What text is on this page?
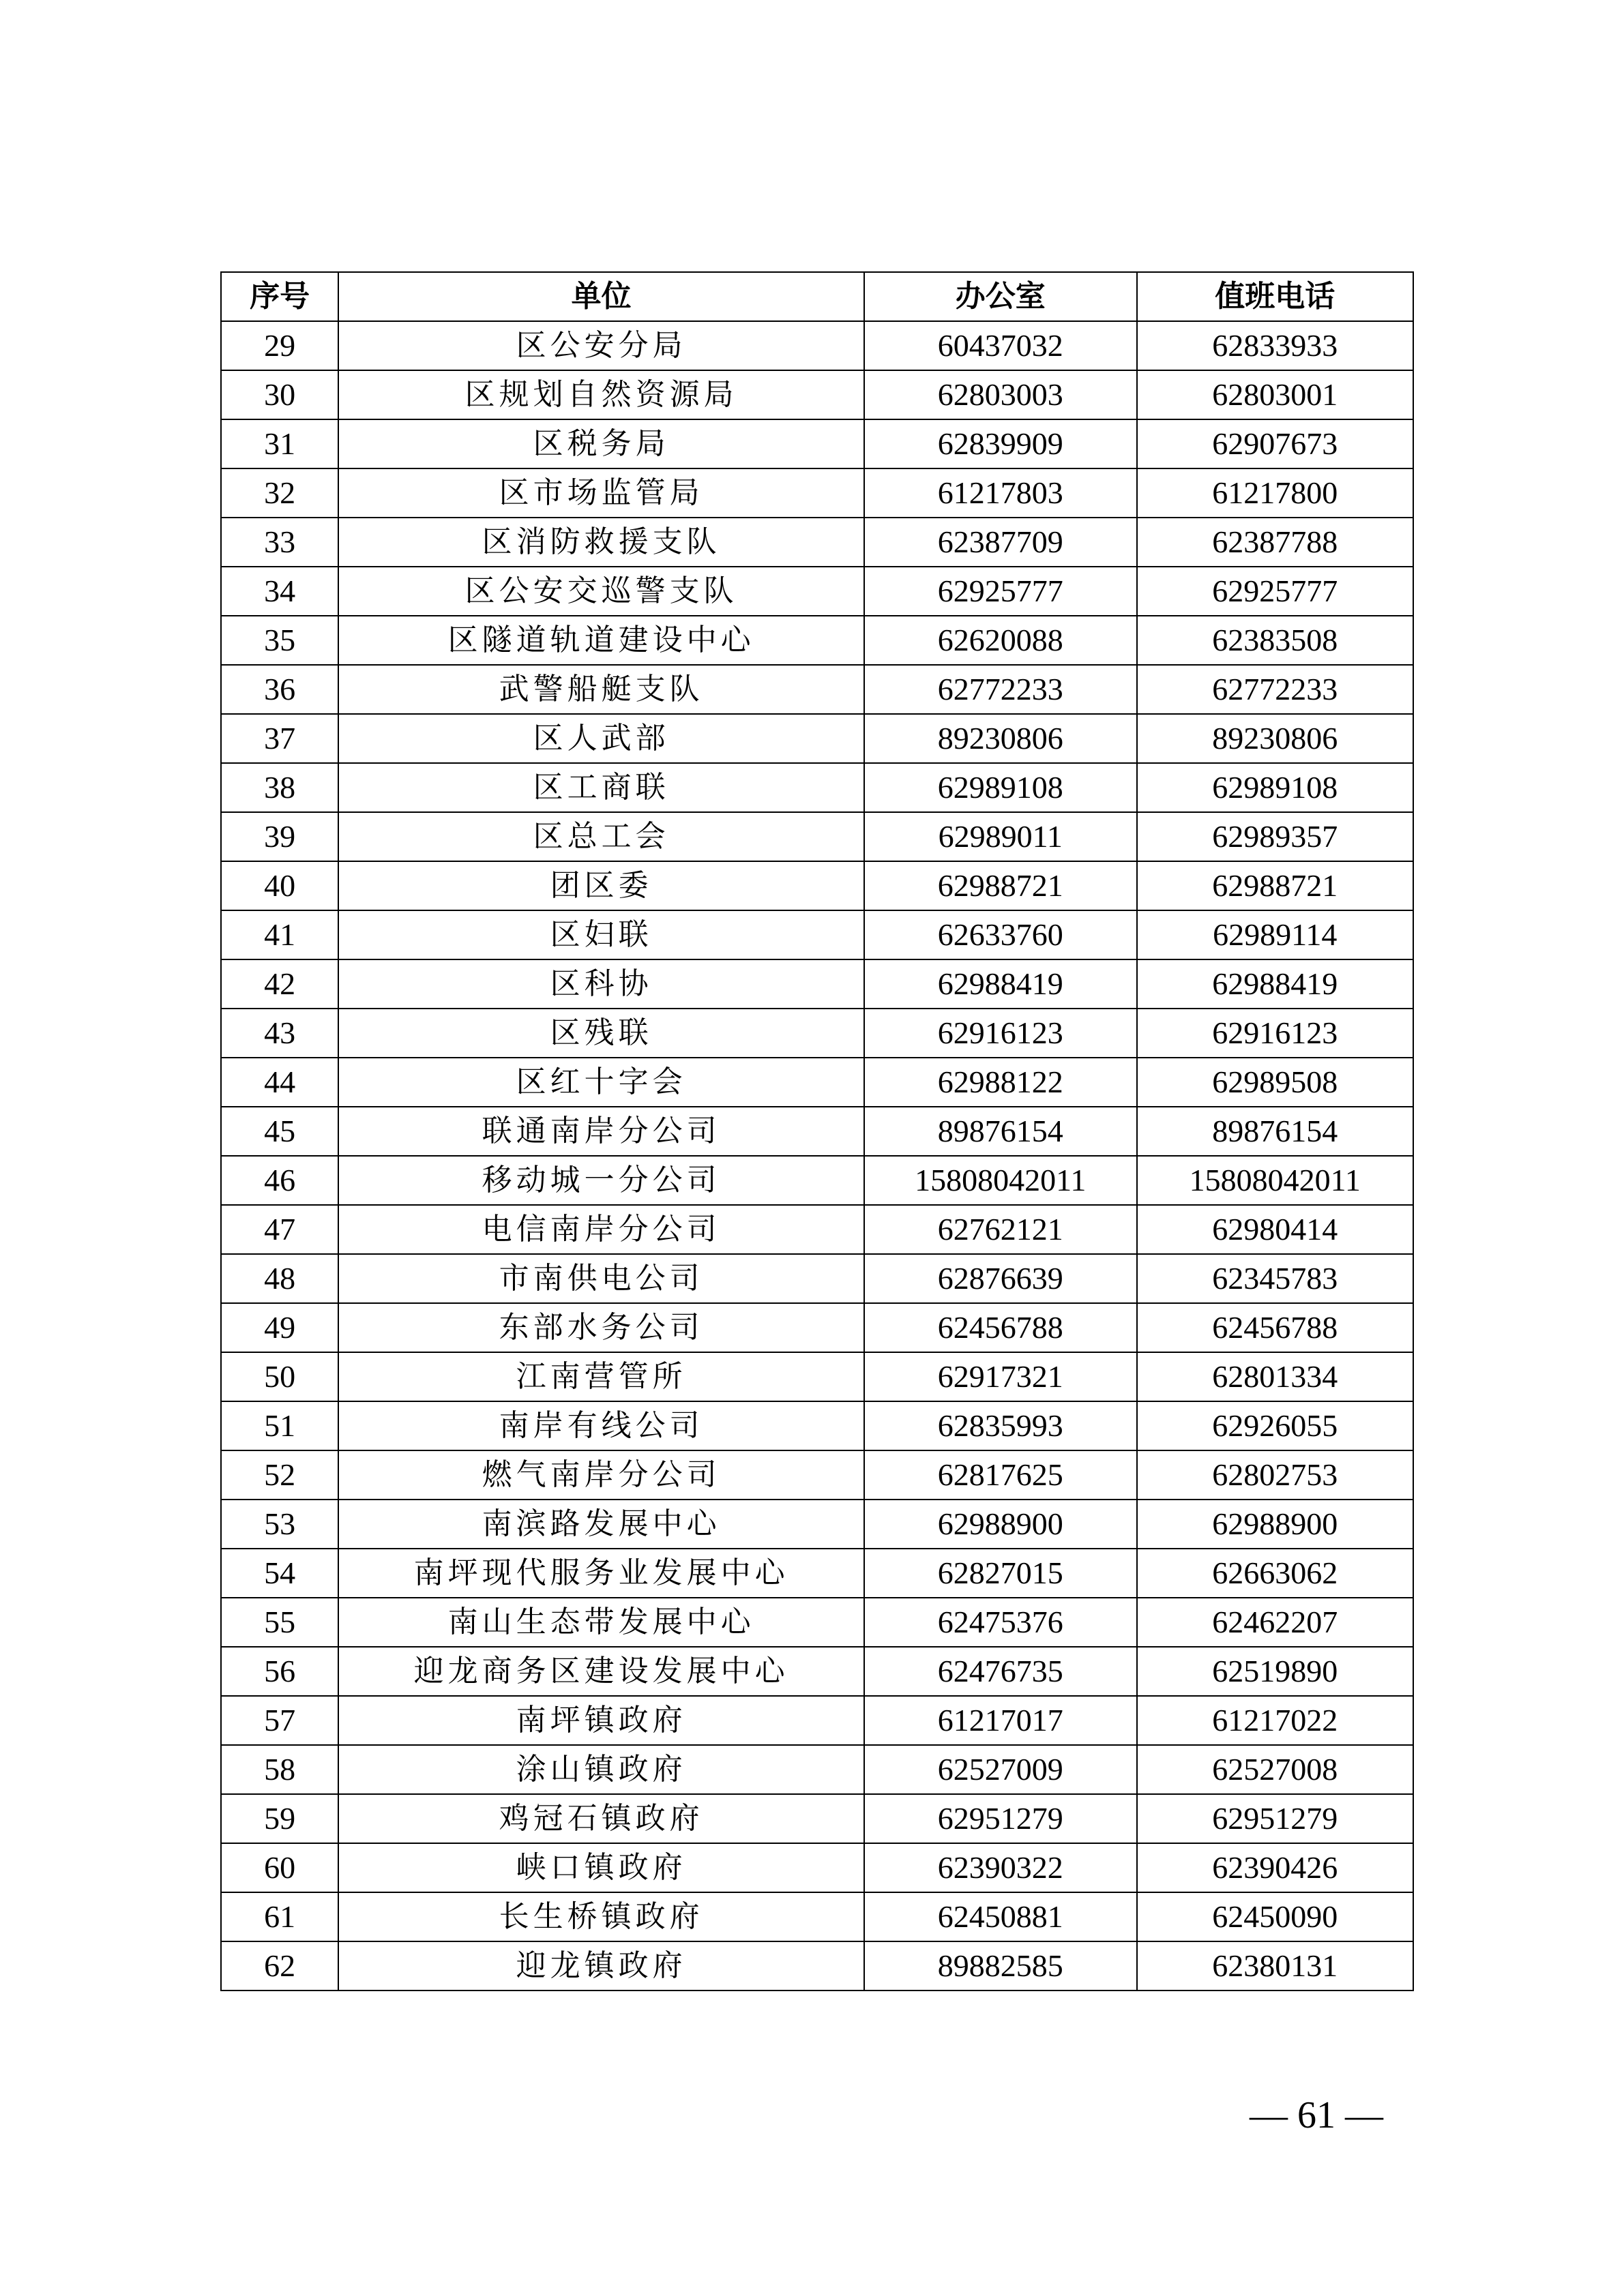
序号	单位	办公室	值班电话
29	区公安分局	60437032	62833933
30	区规划自然资源局	62803003	62803001
31	区税务局	62839909	62907673
32	区市场监管局	61217803	61217800
33	区消防救援支队	62387709	62387788
34	区公安交巡警支队	62925777	62925777
35	区隧道轨道建设中心	62620088	62383508
36	武警船艇支队	62772233	62772233
37	区人武部	89230806	89230806
38	区工商联	62989108	62989108
39	区总工会	62989011	62989357
40	团区委	62988721	62988721
41	区妇联	62633760	62989114
42	区科协	62988419	62988419
43	区残联	62916123	62916123
44	区红十字会	62988122	62989508
45	联通南岸分公司	89876154	89876154
46	移动城一分公司	15808042011	15808042011
47	电信南岸分公司	62762121	62980414
48	市南供电公司	62876639	62345783
49	东部水务公司	62456788	62456788
50	江南营管所	62917321	62801334
51	南岸有线公司	62835993	62926055
52	燃气南岸分公司	62817625	62802753
53	南滨路发展中心	62988900	62988900
54	南坪现代服务业发展中心	62827015	62663062
55	南山生态带发展中心	62475376	62462207
56	迎龙商务区建设发展中心	62476735	62519890
57	南坪镇政府	61217017	61217022
58	涂山镇政府	62527009	62527008
59	鸡冠石镇政府	62951279	62951279
60	峡口镇政府	62390322	62390426
61	长生桥镇政府	62450881	62450090
62	迎龙镇政府	89882585	62380131
— 61 —
